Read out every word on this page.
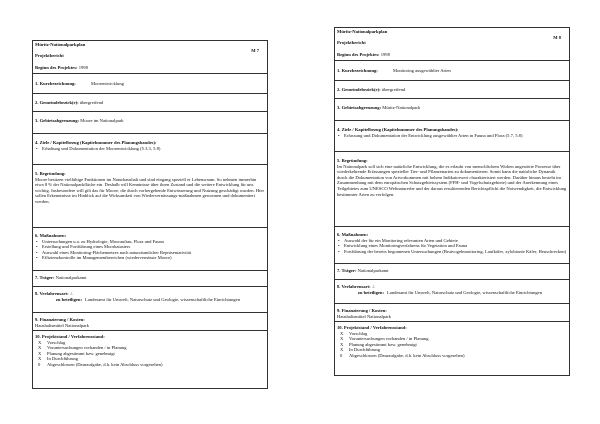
Müritz-Nationalparkplan
M 7
Projektbericht
Beginn des Projektes: 1998
1. Kurzbezeichnung:	Moorentwicklung
2. Gemeindebezirk(e): übergreifend
3. Gebietsabgrenzung: Moore im Nationalpark
4. Ziele / Kapitelbezug (Kapitelnummer des Planungsbandes):
• Erhaltung und Dokumentation der Moorentwicklung (5.3.3, 5.8)
5. Begründung:
Moore besitzen vielfältige Funktionen im Naturhaushalt und sind eingang speziell er Lebensraum. So nehmen immerhin etwa 8 % der Nationalparkfläche ein. Deshalb will Kenntnisse über ihren Zustand und die weitere Entwicklung für uns wichtig. Insbesondere will gilt das für Moore, die durch vorhergehende Entwässerung und Nutzung geschädigt wurden. Hier sollen Erkenntnisse im Hinblick auf die Wirksamkeit von Wiedervernässungs-maßnahmen gewonnen und dokumentiert werden.
6. Maßnahmen:
• Untersuchungen u.a. zu Hydrologie, Moorauftau, Flora und Fauna
• Erstellung und Fortführung eines Moorkatasters
• Auswahl eines Monitoring-Flächennetzes nach naturräumlicher Repräsentativität
• Effizienzkontrolle im Managementbereichen (wiedervernässte Moore)
7. Träger: Nationalparkamt
8. Verfahrensart: ./.
zu beteiligen: Landesamt für Umwelt, Naturschutz und Geologie, wissenschaftliche Einrichtungen
9. Finanzierung / Kosten:
Haushaltsmittel Nationalpark
10. Projektstand / Verfahrensstand:
X	Vorschlag
X	Voruntersuchungen vorhanden / in Planung
X	Planung abgestimmt bzw. genehmigt
X	In Durchführung
0	Abgeschlossen (Dauraufgabe, d.h. kein Abschluss vorgesehen)
Müritz-Nationalparkplan
M 8
Projektbericht
Beginn des Projektes: 1998
1. Kurzbezeichnung:	Monitoring ausgewählter Arten
2. Gemeindebezirk(e): übergreifend
3. Gebietsabgrenzung: Müritz-Nationalpark
4. Ziele / Kapitelbezug (Kapitelnummer des Planungsbandes):
• Erfassung und Dokumentation der Entwicklung ausgewählter Arten in Fauna und Flora (5.7, 5.8)
5. Begründung:
Im Nationalpark soll sich eine natürliche Entwicklung, die es erlaubt von menschlichem Wirken ungestörte Prozesse über wiederkehrende Erfassungen spezieller Tier- und Pflanzenarten zu dokumentieren. Somit kann die natürliche Dynamik durch die Dokumentation von Artvorkommen mit hohem Indikatorwert charakterisiert werden. Darüber hinaus besteht im Zusammenhang mit dem europäischen Schutzgebietssystem (FFH- und Vogelschutzgebiete) und der Anerkennung eines Teilgebietes zum UNESCO Weltnaturerbe und der daraus resultierenden Berichtspflicht die Notwendigkeit, die Entwicklung bestimmter Arten zu verfolgen.
6. Maßnahmen:
• Auswahl der für ein Monitoring relevanten Arten und Gebiete
• Entwicklung eines Monitoringverfahrens für Vegetation und Fauna
• Fortführung der bereits begonnenen Untersuchungen (Brutvogelmonitoring, Laufkäfer, xylobionte Käfer, Heuschrecken)
7. Träger: Nationalparkamt
8. Verfahrensart: ./.
zu beteiligen: Landesamt für Umwelt, Naturschutz und Geologie, wissenschaftliche Einrichtungen
9. Finanzierung / Kosten:
Haushaltsmittel Nationalpark
10. Projektstand / Verfahrensstand:
X	Vorschlag
X	Voruntersuchungen vorhanden / in Planung
X	Planung abgestimmt bzw. genehmigt
X	In Durchführung
0	Abgeschlossen (Dauraufgabe, d.h. kein Abschluss vorgesehen)
